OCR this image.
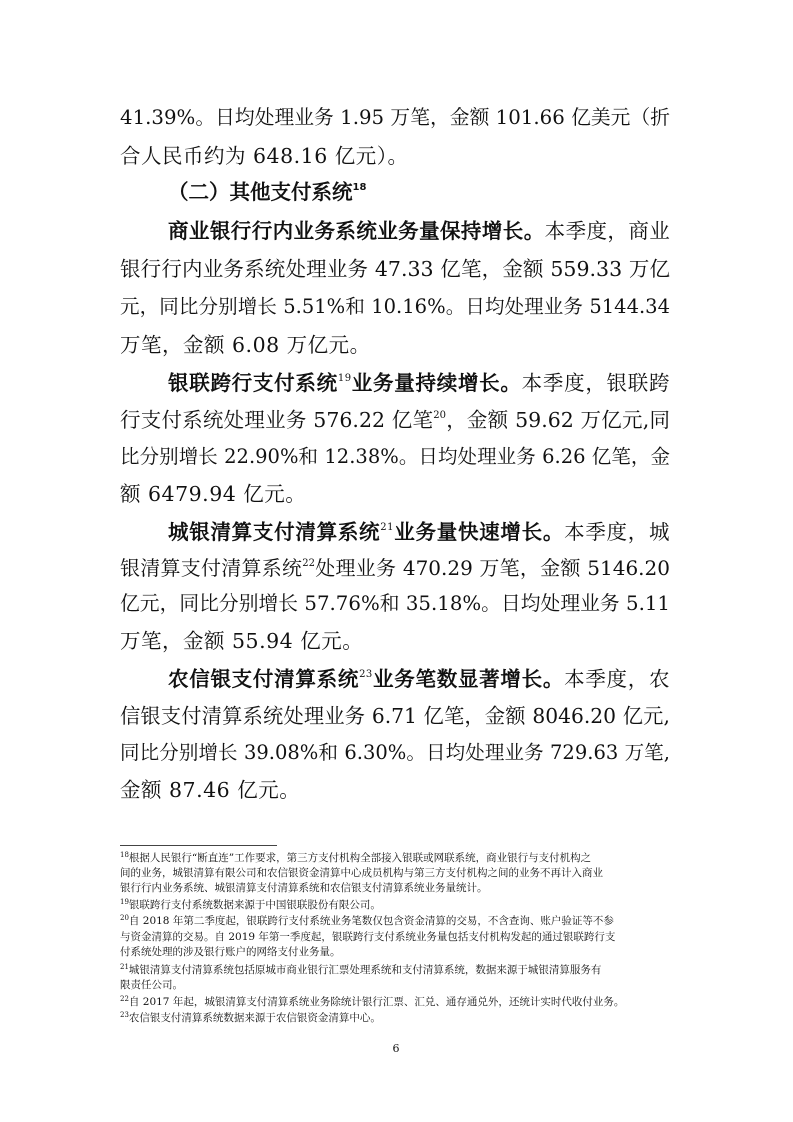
41.39%。日均处理业务 1.95 万笔，金额 101.66 亿美元（折
合人民币约为 648.16 亿元）。
（二）其他支付系统$^{18}$
商业银行行内业务系统业务量保持增长。本季度，商业
银行行内业务系统处理业务 47.33 亿笔，金额 559.33 万亿
元，同比分别增长 5.51%和 10.16%。日均处理业务 5144.34
万笔，金额 6.08 万亿元。
银联跨行支付系统$^{19}$业务量持续增长。本季度，银联跨
行支付系统处理业务 576.22 亿笔$^{20}$，金额 59.62 万亿元,同
比分别增长 22.90%和 12.38%。日均处理业务 6.26 亿笔，金
额 6479.94 亿元。
城银清算支付清算系统$^{21}$业务量快速增长。本季度，城
银清算支付清算系统$^{22}$处理业务 470.29 万笔，金额 5146.20
亿元，同比分别增长 57.76%和 35.18%。日均处理业务 5.11
万笔，金额 55.94 亿元。
农信银支付清算系统$^{23}$业务笔数显著增长。本季度，农
信银支付清算系统处理业务 6.71 亿笔，金额 8046.20 亿元,
同比分别增长 39.08%和 6.30%。日均处理业务 729.63 万笔,
金额 87.46 亿元。
$^{18}$根据人民银行“断直连”工作要求，第三方支付机构全部接入银联或网联系统，商业银行与支付机构之
间的业务，城银清算有限公司和农信银资金清算中心成员机构与第三方支付机构之间的业务不再计入商业
银行行内业务系统、城银清算支付清算系统和农信银支付清算系统业务量统计。
$^{19}$银联跨行支付系统数据来源于中国银联股份有限公司。
$^{20}$自 2018 年第二季度起，银联跨行支付系统业务笔数仅包含资金清算的交易，不含查询、账户验证等不参
与资金清算的交易。自 2019 年第一季度起，银联跨行支付系统业务量包括支付机构发起的通过银联跨行支
付系统处理的涉及银行账户的网络支付业务量。
$^{21}$城银清算支付清算系统包括原城市商业银行汇票处理系统和支付清算系统，数据来源于城银清算服务有
限责任公司。
$^{22}$自 2017 年起，城银清算支付清算系统业务除统计银行汇票、汇兑、通存通兑外，还统计实时代收付业务。
$^{23}$农信银支付清算系统数据来源于农信银资金清算中心。
6
